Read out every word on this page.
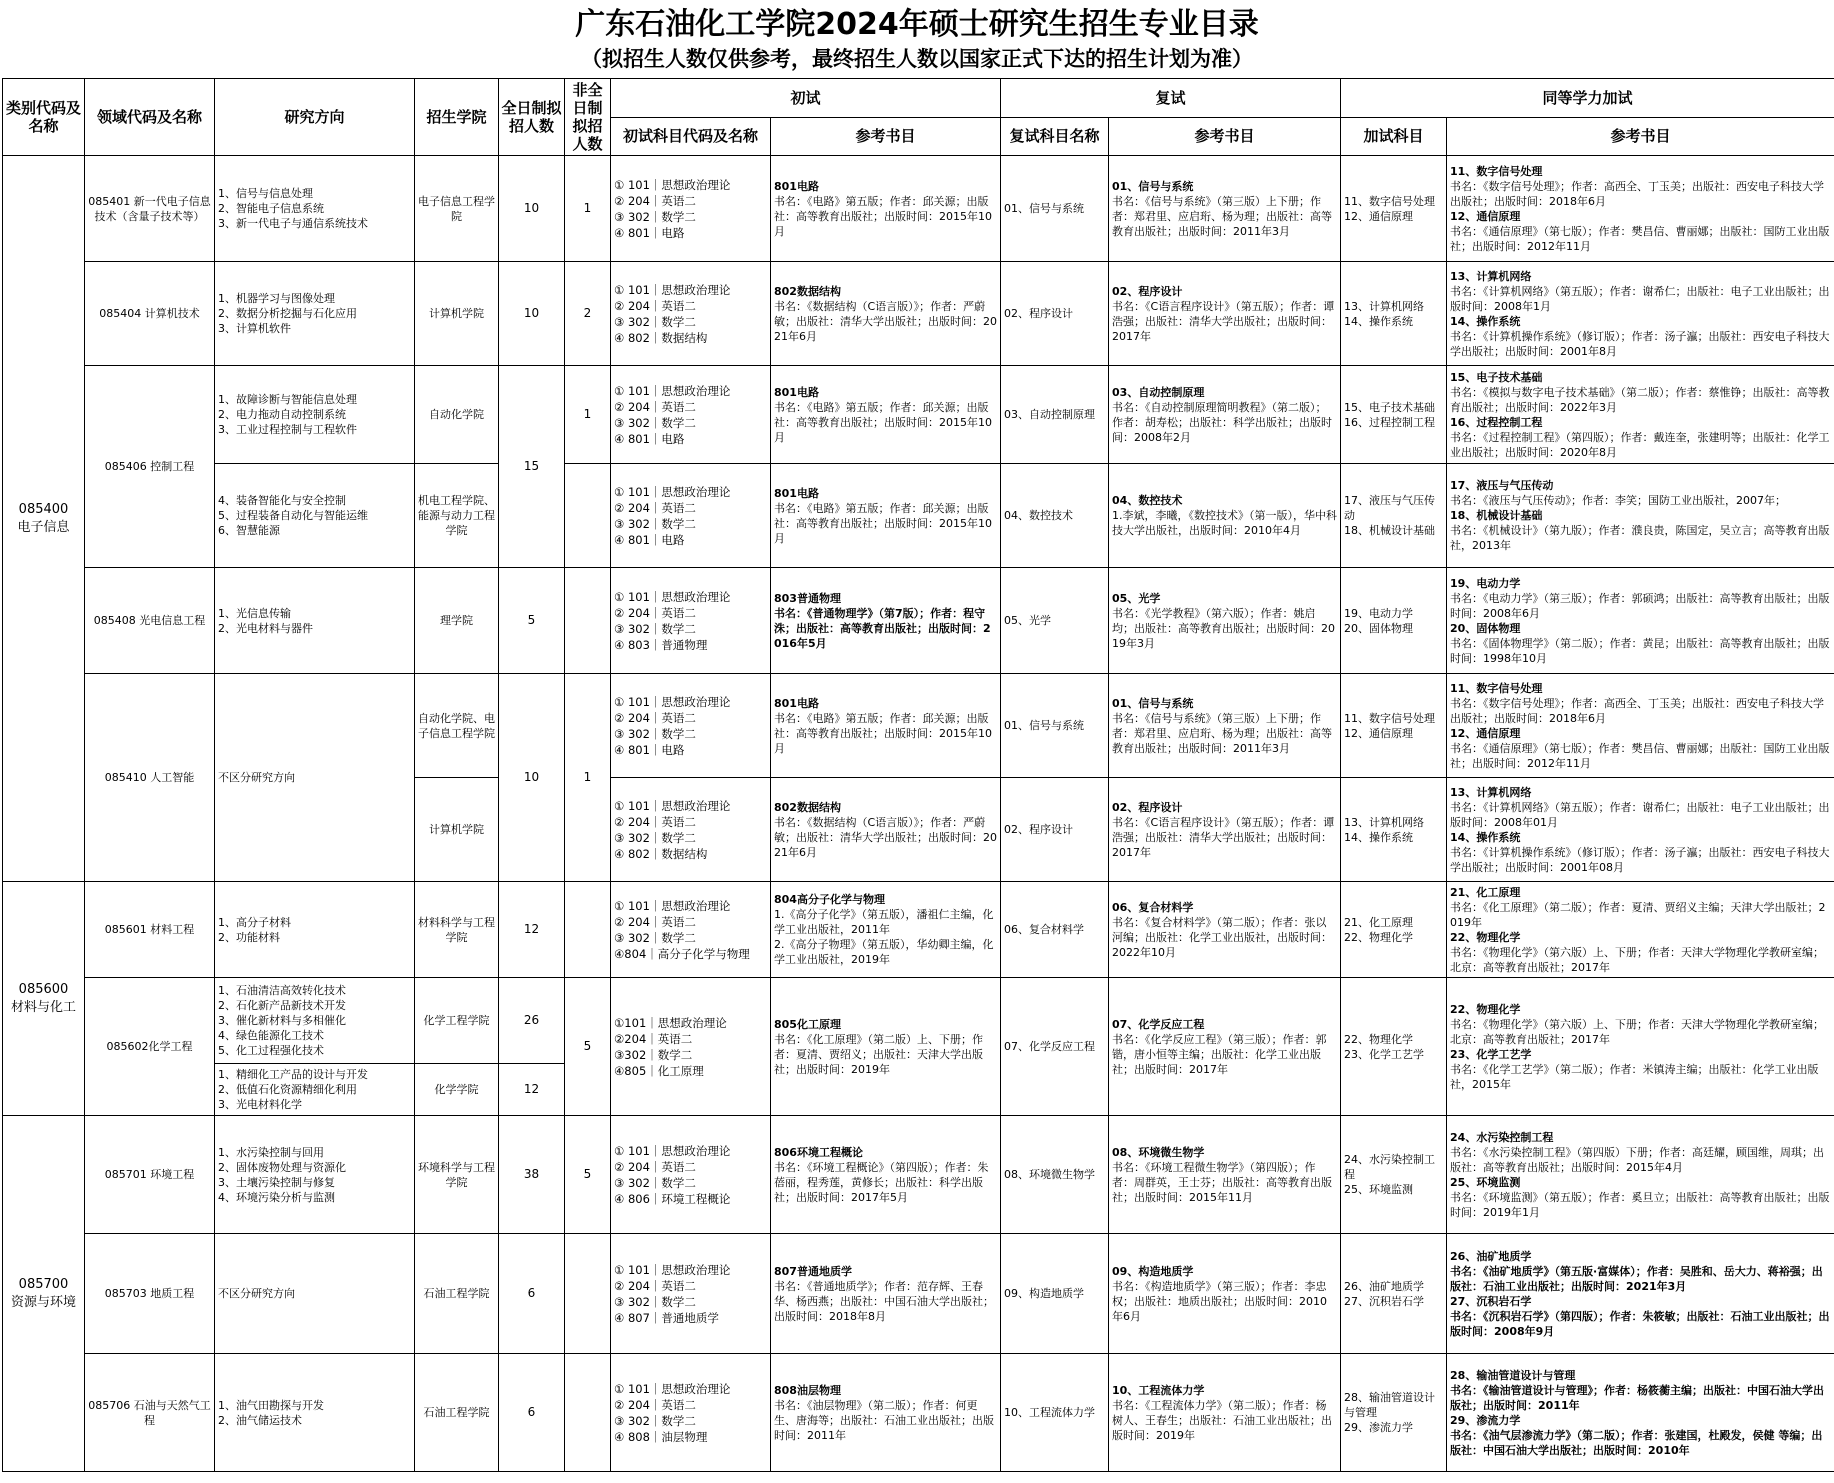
广东石油化工学院2024年硕士研究生招生专业目录
（拟招生人数仅供参考，最终招生人数以国家正式下达的招生计划为准）
类别代码及名称	领域代码及名称	研究方向	招生学院	全日制拟招人数	非全日制拟招人数	初试		复试		同等学力加试	
						初试科目代码及名称	参考书目	复试科目名称	参考书目	加试科目	参考书目
085400
电子信息	085401 新一代电子信息技术（含量子技术等）	1、信号与信息处理
2、智能电子信息系统
3、新一代电子与通信系统技术	电子信息工程学院	10	1	① 101｜思想政治理论
② 204｜英语二
③ 302｜数学二
④ 801｜电路	801电路
书名：《电路》第五版；作者：邱关源；出版社：高等教育出版社；出版时间：2015年10月	01、信号与系统	01、信号与系统
书名：《信号与系统》（第三版）上下册；作者：郑君里、应启珩、杨为理；出版社：高等教育出版社；出版时间：2011年3月	11、数字信号处理
12、通信原理	11、数字信号处理
书名：《数字信号处理》；作者：高西全、丁玉美；出版社：西安电子科技大学出版社；出版时间：2018年6月
12、通信原理
书名：《通信原理》（第七版）；作者：樊昌信、曹丽娜；出版社：国防工业出版社；出版时间：2012年11月

	085404 计算机技术	1、机器学习与图像处理
2、数据分析挖掘与石化应用
3、计算机软件	计算机学院	10	2	① 101｜思想政治理论
② 204｜英语二
③ 302｜数学二
④ 802｜数据结构	802数据结构
书名：《数据结构（C语言版）》；作者：严蔚敏；出版社：清华大学出版社；出版时间：2021年6月	02、程序设计	02、程序设计
书名：《C语言程序设计》（第五版）；作者：谭浩强；出版社：清华大学出版社；出版时间：2017年	13、计算机网络
14、操作系统	13、计算机网络
书名：《计算机网络》（第五版）；作者：谢希仁；出版社：电子工业出版社；出版时间：2008年1月
14、操作系统
书名：《计算机操作系统》（修订版）；作者：汤子瀛；出版社：西安电子科技大学出版社；出版时间：2001年8月

	085406 控制工程	1、故障诊断与智能信息处理
2、电力拖动自动控制系统
3、工业过程控制与工程软件	自动化学院	15	1	① 101｜思想政治理论
② 204｜英语二
③ 302｜数学二
④ 801｜电路	801电路
书名：《电路》第五版；作者：邱关源；出版社：高等教育出版社；出版时间：2015年10月	03、自动控制原理	03、自动控制原理
书名：《自动控制原理简明教程》（第二版）；作者：胡寿松；出版社：科学出版社；出版时间：2008年2月	15、电子技术基础
16、过程控制工程	15、电子技术基础
书名：《模拟与数字电子技术基础》（第二版）；作者：蔡惟铮；出版社：高等教育出版社；出版时间：2022年3月
16、过程控制工程
书名：《过程控制工程》（第四版）；作者：戴连奎，张建明等；出版社：化学工业出版社；出版时间：2020年8月

		4、装备智能化与安全控制
5、过程装备自动化与智能运维
6、智慧能源	机电工程学院、能源与动力工程学院			① 101｜思想政治理论
② 204｜英语二
③ 302｜数学二
④ 801｜电路	801电路
书名：《电路》第五版；作者：邱关源；出版社：高等教育出版社；出版时间：2015年10月	04、数控技术	04、数控技术
1.李斌，李曦，《数控技术》（第一版），华中科技大学出版社，出版时间：2010年4月	17、液压与气压传动
18、机械设计基础	17、液压与气压传动
书名：《液压与气压传动》；作者：李笑；国防工业出版社，2007年；
18、机械设计基础
书名：《机械设计》（第九版）；作者：濮良贵，陈国定，吴立言；高等教育出版社，2013年

	085408 光电信息工程	1、光信息传输
2、光电材料与器件	理学院	5		① 101｜思想政治理论
② 204｜英语二
③ 302｜数学二
④ 803｜普通物理	803普通物理
书名：《普通物理学》（第7版）；作者：程守洙；出版社：高等教育出版社；出版时间：2016年5月	05、光学	05、光学
书名：《光学教程》（第六版）；作者：姚启均；出版社：高等教育出版社；出版时间：2019年3月	19、电动力学
20、固体物理	19、电动力学
书名：《电动力学》（第三版）；作者：郭硕鸿；出版社：高等教育出版社；出版时间：2008年6月
20、固体物理
书名：《固体物理学》（第二版）；作者：黄昆；出版社：高等教育出版社；出版时间：1998年10月

	085410 人工智能	不区分研究方向	自动化学院、电子信息工程学院	10	1	① 101｜思想政治理论
② 204｜英语二
③ 302｜数学二
④ 801｜电路	801电路
书名：《电路》第五版；作者：邱关源；出版社：高等教育出版社；出版时间：2015年10月	01、信号与系统	01、信号与系统
书名：《信号与系统》（第三版）上下册；作者：郑君里、应启珩、杨为理；出版社：高等教育出版社；出版时间：2011年3月	11、数字信号处理
12、通信原理	11、数字信号处理
书名：《数字信号处理》；作者：高西全、丁玉美；出版社：西安电子科技大学出版社；出版时间：2018年6月
12、通信原理
书名：《通信原理》（第七版）；作者：樊昌信、曹丽娜；出版社：国防工业出版社；出版时间：2012年11月

			计算机学院			① 101｜思想政治理论
② 204｜英语二
③ 302｜数学二
④ 802｜数据结构	802数据结构
书名：《数据结构（C语言版）》；作者：严蔚敏；出版社：清华大学出版社；出版时间：2021年6月	02、程序设计	02、程序设计
书名：《C语言程序设计》（第五版）；作者：谭浩强；出版社：清华大学出版社；出版时间：2017年	13、计算机网络
14、操作系统	13、计算机网络
书名：《计算机网络》（第五版）；作者：谢希仁；出版社：电子工业出版社；出版时间：2008年01月
14、操作系统
书名：《计算机操作系统》（修订版）；作者：汤子瀛；出版社：西安电子科技大学出版社；出版时间：2001年08月

085600
材料与化工	085601 材料工程	1、高分子材料
2、功能材料	材料科学与工程学院	12		① 101｜思想政治理论
② 204｜英语二
③ 302｜数学二
④804｜高分子化学与物理	804高分子化学与物理
1.《高分子化学》（第五版），潘祖仁主编，化学工业出版社，2011年
2.《高分子物理》（第五版），华幼卿主编，化学工业出版社，2019年	06、复合材料学	06、复合材料学
书名：《复合材料学》（第二版）；作者：张以河编；出版社：化学工业出版社，出版时间：2022年10月	21、化工原理
22、物理化学	21、化工原理
书名：《化工原理》（第二版）；作者：夏清、贾绍义主编；天津大学出版社；2019年
22、物理化学
书名：《物理化学》（第六版）上、下册；作者：天津大学物理化学教研室编；北京：高等教育出版社；2017年

	085602化学工程	1、石油清洁高效转化技术
2、石化新产品新技术开发
3、催化新材料与多相催化
4、绿色能源化工技术
5、化工过程强化技术	化学工程学院	26	5	①101｜思想政治理论
②204｜英语二
③302｜数学二
④805｜化工原理	805化工原理
书名：《化工原理》（第二版）上、下册；作者：夏清、贾绍义；出版社：天津大学出版社；出版时间：2019年	07、化学反应工程	07、化学反应工程
书名：《化学反应工程》（第三版）；作者：郭锴，唐小恒等主编；出版社：化学工业出版社；出版时间：2017年	22、物理化学
23、化学工艺学	22、物理化学
书名：《物理化学》（第六版）上、下册；作者：天津大学物理化学教研室编；北京：高等教育出版社；2017年
23、化学工艺学
书名：《化学工艺学》（第二版）；作者：米镇涛主编；出版社：化学工业出版社，2015年

		1、精细化工产品的设计与开发
2、低值石化资源精细化利用
3、光电材料化学	化学学院	12							
085700
资源与环境	085701 环境工程	1、水污染控制与回用
2、固体废物处理与资源化
3、土壤污染控制与修复
4、环境污染分析与监测	环境科学与工程学院	38	5	① 101｜思想政治理论
② 204｜英语二
③ 302｜数学二
④ 806｜环境工程概论	806环境工程概论
书名：《环境工程概论》（第四版）；作者：朱蓓丽，程秀莲，黄修长；出版社：科学出版社；出版时间：2017年5月	08、环境微生物学	08、环境微生物学
书名：《环境工程微生物学》（第四版）；作者：周群英，王士芬；出版社：高等教育出版社；出版时间：2015年11月	24、水污染控制工程
25、环境监测	24、水污染控制工程
书名：《水污染控制工程》（第四版）下册；作者：高廷耀，顾国维，周琪；出版社：高等教育出版社；出版时间：2015年4月
25、环境监测
书名：《环境监测》（第五版）；作者：奚旦立；出版社：高等教育出版社；出版时间：2019年1月

	085703 地质工程	不区分研究方向	石油工程学院	6		① 101｜思想政治理论
② 204｜英语二
③ 302｜数学二
④ 807｜普通地质学	807普通地质学
书名：《普通地质学》；作者：范存辉、王春华、杨西燕；出版社：中国石油大学出版社；出版时间：2018年8月	09、构造地质学	09、构造地质学
书名：《构造地质学》（第三版）；作者：李忠权；出版社：地质出版社；出版时间：2010年6月	26、油矿地质学
27、沉积岩石学	26、油矿地质学
书名：《油矿地质学》（第五版·富媒体）；作者：吴胜和、岳大力、蒋裕强；出版社：石油工业出版社；出版时间：2021年3月
27、沉积岩石学
书名：《沉积岩石学》（第四版）；作者：朱筱敏；出版社：石油工业出版社；出版时间：2008年9月

	085706 石油与天然气工程	1、油气田勘探与开发
2、油气储运技术	石油工程学院	6		① 101｜思想政治理论
② 204｜英语二
③ 302｜数学二
④ 808｜油层物理	808油层物理
书名：《油层物理》（第二版）；作者：何更生、唐海等；出版社：石油工业出版社；出版时间：2011年	10、工程流体力学	10、工程流体力学
书名：《工程流体力学》（第二版）；作者：杨树人、王春生；出版社：石油工业出版社；出版时间：2019年	28、输油管道设计与管理
29、渗流力学	28、输油管道设计与管理
书名：《输油管道设计与管理》；作者：杨筱蘅主编；出版社：中国石油大学出版社；出版时间：2011年
29、渗流力学
书名：《油气层渗流力学》（第二版）；作者：张建国，杜殿发，侯健 等编；出版社：中国石油大学出版社；出版时间：2010年
